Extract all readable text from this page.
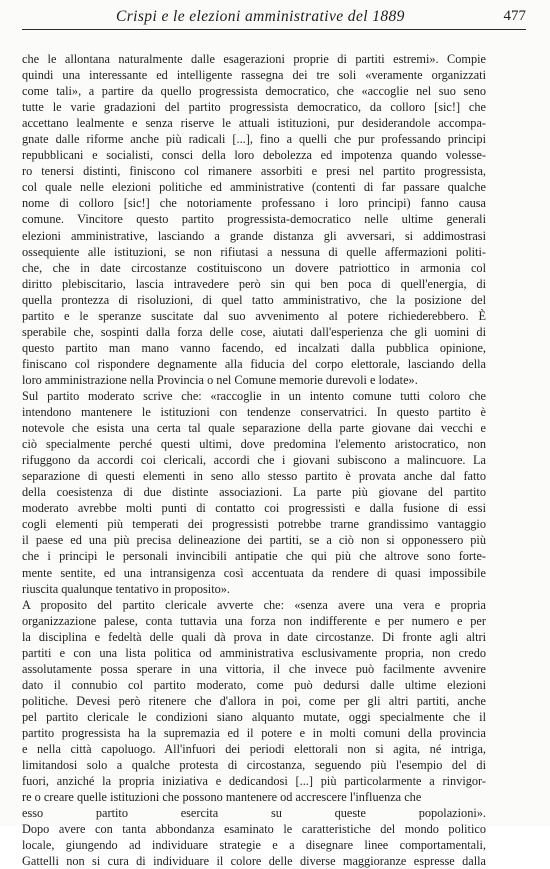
Crispi e le elezioni amministrative del 1889	477
che le allontana naturalmente dalle esagerazioni proprie di partiti estremi». Compie
quindi una interessante ed intelligente rassegna dei tre soli «veramente organizzati
come tali», a partire da quello progressista democratico, che «accoglie nel suo seno
tutte le varie gradazioni del partito progressista democratico, da colloro [sic!] che
accettano lealmente e senza riserve le attuali istituzioni, pur desiderandole accompa-
gnate dalle riforme anche più radicali [...], fino a quelli che pur professando principi
repubblicani e socialisti, consci della loro debolezza ed impotenza quando volesse-
ro tenersi distinti, finiscono col rimanere assorbiti e presi nel partito progressista,
col quale nelle elezioni politiche ed amministrative (contenti di far passare qualche
nome di colloro [sic!] che notoriamente professano i loro principi) fanno causa
comune. Vincitore questo partito progressista-democratico nelle ultime generali
elezioni amministrative, lasciando a grande distanza gli avversari, si addimostrasi
ossequiente alle istituzioni, se non rifiutasi a nessuna di quelle affermazioni politi-
che, che in date circostanze costituiscono un dovere patriottico in armonia col
diritto plebiscitario, lascia intravedere però sin qui ben poca di quell'energia, di
quella prontezza di risoluzioni, di quel tatto amministrativo, che la posizione del
partito e le speranze suscitate dal suo avvenimento al potere richiederebbero. È
sperabile che, sospinti dalla forza delle cose, aiutati dall'esperienza che gli uomini di
questo partito man mano vanno facendo, ed incalzati dalla pubblica opinione,
finiscano col rispondere degnamente alla fiducia del corpo elettorale, lasciando della
loro amministrazione nella Provincia o nel Comune memorie durevoli e lodate».
Sul partito moderato scrive che: «raccoglie in un intento comune tutti coloro che
intendono mantenere le istituzioni con tendenze conservatrici. In questo partito è
notevole che esista una certa tal quale separazione della parte giovane dai vecchi e
ciò specialmente perché questi ultimi, dove predomina l'elemento aristocratico, non
rifuggono da accordi coi clericali, accordi che i giovani subiscono a malincuore. La
separazione di questi elementi in seno allo stesso partito è provata anche dal fatto
della coesistenza di due distinte associazioni. La parte più giovane del partito
moderato avrebbe molti punti di contatto coi progressisti e dalla fusione di essi
cogli elementi più temperati dei progressisti potrebbe trarne grandissimo vantaggio
il paese ed una più precisa delineazione dei partiti, se a ciò non si opponessero più
che i principi le personali invincibili antipatie che qui più che altrove sono forte-
mente sentite, ed una intransigenza così accentuata da rendere di quasi impossibile
riuscita qualunque tentativo in proposito».
A proposito del partito clericale avverte che: «senza avere una vera e propria
organizzazione palese, conta tuttavia una forza non indifferente e per numero e per
la disciplina e fedeltà delle quali dà prova in date circostanze. Di fronte agli altri
partiti e con una lista politica od amministrativa esclusivamente propria, non credo
assolutamente possa sperare in una vittoria, il che invece può facilmente avvenire
dato il connubio col partito moderato, come può dedursi dalle ultime elezioni
politiche. Devesi però ritenere che d'allora in poi, come per gli altri partiti, anche
pel partito clericale le condizioni siano alquanto mutate, oggi specialmente che il
partito progressista ha la supremazia ed il potere e in molti comuni della provincia
e nella città capoluogo. All'infuori dei periodi elettorali non si agita, né intriga,
limitandosi solo a qualche protesta di circostanza, seguendo più l'esempio del di
fuori, anziché la propria iniziativa e dedicandosi [...] più particolarmente a rinvigor-
re o creare quelle istituzioni che possono mantenere od accrescere l'influenza che
esso partito esercita su queste popolazioni».
Dopo avere con tanta abbondanza esaminato le caratteristiche del mondo politico
locale, giungendo ad individuare strategie e a disegnare linee comportamentali,
Gattelli non si cura di individuare il colore delle diverse maggioranze espresse dalla
